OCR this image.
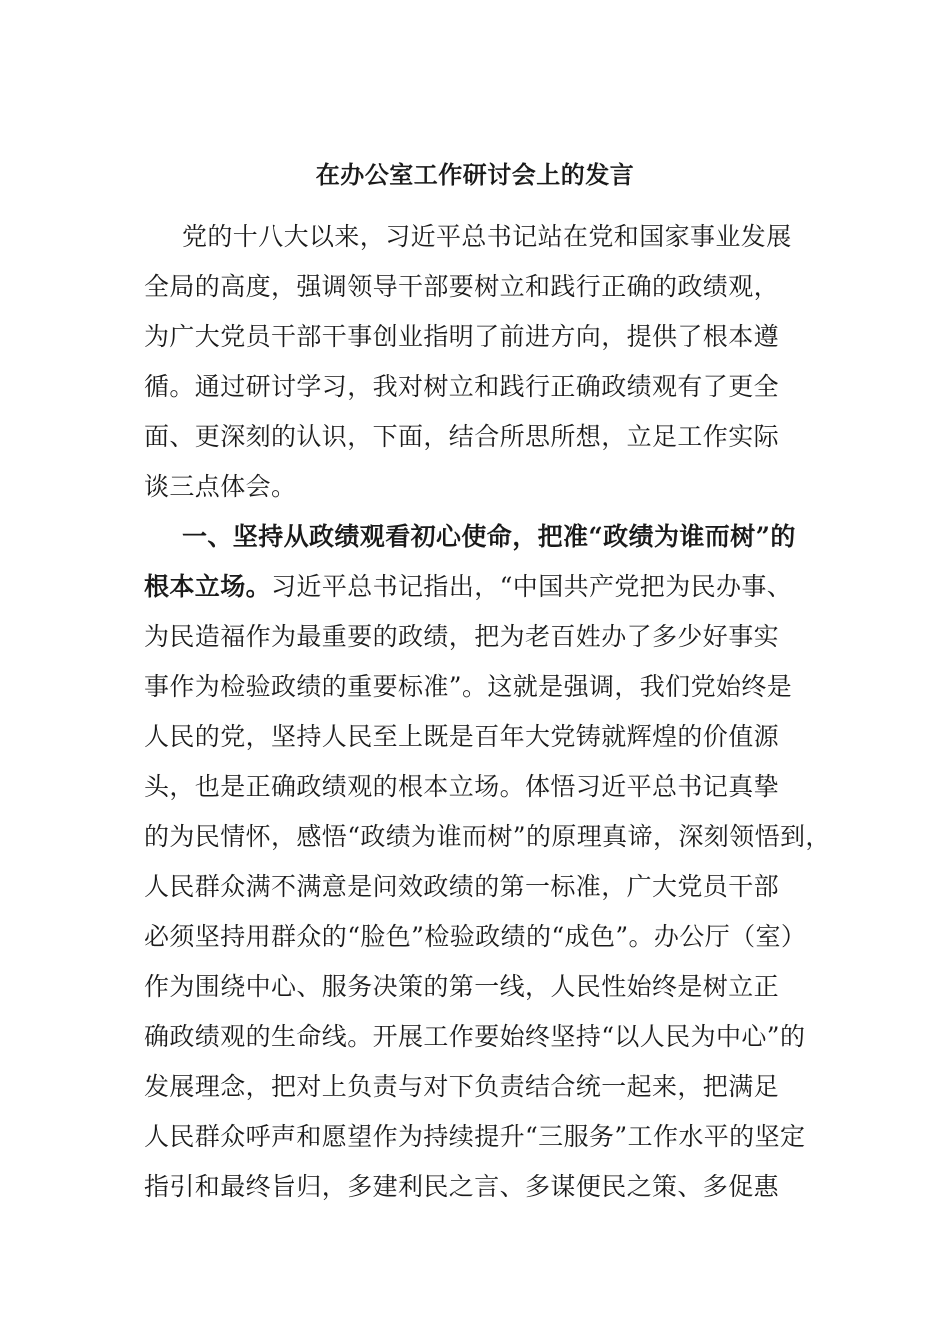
在办公室工作研讨会上的发言
党的十八大以来，习近平总书记站在党和国家事业发展
全局的高度，强调领导干部要树立和践行正确的政绩观，
为广大党员干部干事创业指明了前进方向，提供了根本遵
循。通过研讨学习，我对树立和践行正确政绩观有了更全
面、更深刻的认识，下面，结合所思所想，立足工作实际
谈三点体会。
一、坚持从政绩观看初心使命，把准“政绩为谁而树”的
根本立场。习近平总书记指出，“中国共产党把为民办事、
为民造福作为最重要的政绩，把为老百姓办了多少好事实
事作为检验政绩的重要标准”。这就是强调，我们党始终是
人民的党，坚持人民至上既是百年大党铸就辉煌的价值源
头，也是正确政绩观的根本立场。体悟习近平总书记真挚
的为民情怀，感悟“政绩为谁而树”的原理真谛，深刻领悟到，
人民群众满不满意是问效政绩的第一标准，广大党员干部
必须坚持用群众的“脸色”检验政绩的“成色”。办公厅（室）
作为围绕中心、服务决策的第一线，人民性始终是树立正
确政绩观的生命线。开展工作要始终坚持“以人民为中心”的
发展理念，把对上负责与对下负责结合统一起来，把满足
人民群众呼声和愿望作为持续提升“三服务”工作水平的坚定
指引和最终旨归，多建利民之言、多谋便民之策、多促惠
